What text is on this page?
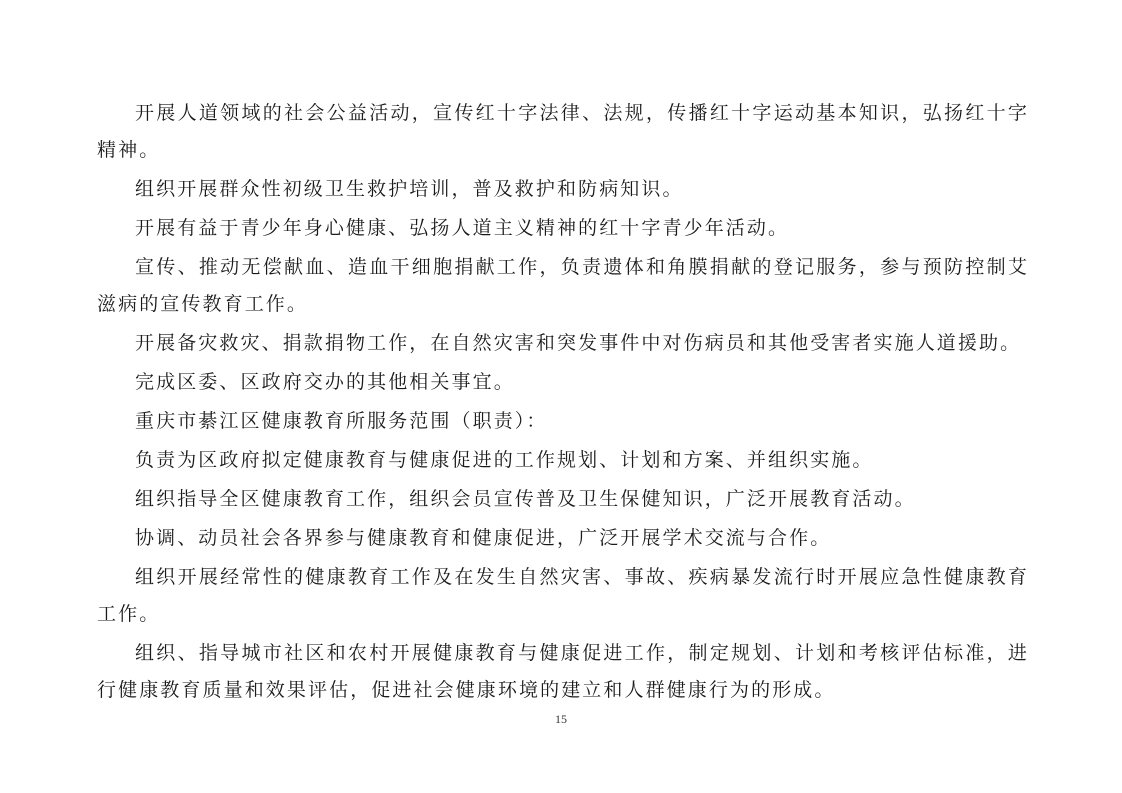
开展人道领域的社会公益活动，宣传红十字法律、法规，传播红十字运动基本知识，弘扬红十字精神。

组织开展群众性初级卫生救护培训，普及救护和防病知识。

开展有益于青少年身心健康、弘扬人道主义精神的红十字青少年活动。

宣传、推动无偿献血、造血干细胞捐献工作，负责遗体和角膜捐献的登记服务，参与预防控制艾滋病的宣传教育工作。

开展备灾救灾、捐款捐物工作，在自然灾害和突发事件中对伤病员和其他受害者实施人道援助。

完成区委、区政府交办的其他相关事宜。

重庆市綦江区健康教育所服务范围（职责）：

负责为区政府拟定健康教育与健康促进的工作规划、计划和方案、并组织实施。

组织指导全区健康教育工作，组织会员宣传普及卫生保健知识，广泛开展教育活动。

协调、动员社会各界参与健康教育和健康促进，广泛开展学术交流与合作。

组织开展经常性的健康教育工作及在发生自然灾害、事故、疾病暴发流行时开展应急性健康教育工作。

组织、指导城市社区和农村开展健康教育与健康促进工作，制定规划、计划和考核评估标准，进行健康教育质量和效果评估，促进社会健康环境的建立和人群健康行为的形成。

15
